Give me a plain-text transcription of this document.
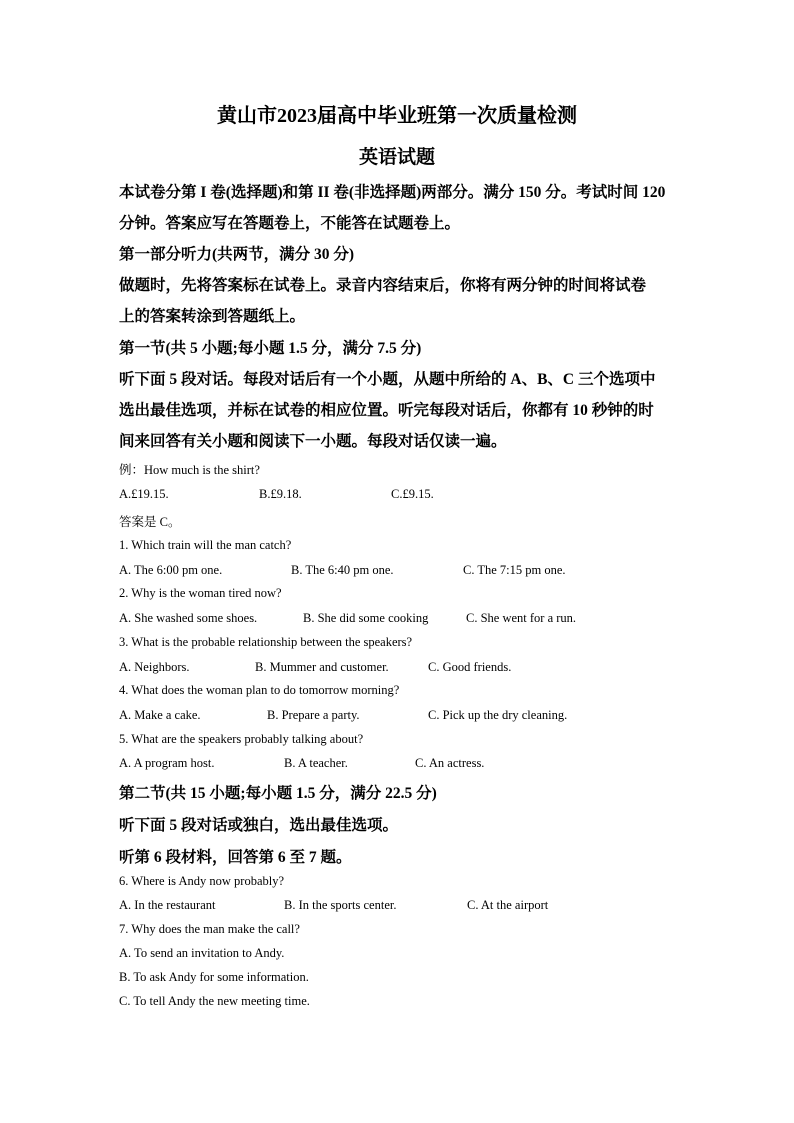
黄山市2023届高中毕业班第一次质量检测
英语试题
本试卷分第 I 卷(选择题)和第 II 卷(非选择题)两部分。满分 150 分。考试时间 120
分钟。答案应写在答题卷上，不能答在试题卷上。
第一部分听力(共两节，满分 30 分)
做题时，先将答案标在试卷上。录音内容结束后，你将有两分钟的时间将试卷
上的答案转涂到答题纸上。
第一节(共 5 小题;每小题 1.5 分，满分 7.5 分)
听下面 5 段对话。每段对话后有一个小题，从题中所给的 A、B、C 三个选项中
选出最佳选项，并标在试卷的相应位置。听完每段对话后，你都有 10 秒钟的时
间来回答有关小题和阅读下一小题。每段对话仅读一遍。
例：How much is the shirt?
A.£19.15.	B.£9.18.	C.£9.15.
答案是 C。
1. Which train will the man catch?
A. The 6:00 pm one.	B. The 6:40 pm one.	C. The 7:15 pm one.
2. Why is the woman tired now?
A. She washed some shoes.	B. She did some cooking	C. She went for a run.
3. What is the probable relationship between the speakers?
A. Neighbors.	B. Mummer and customer.	C. Good friends.
4. What does the woman plan to do tomorrow morning?
A. Make a cake.	B. Prepare a party.	C. Pick up the dry cleaning.
5. What are the speakers probably talking about?
A. A program host.	B. A teacher.	C. An actress.
第二节(共 15 小题;每小题 1.5 分，满分 22.5 分)
听下面 5 段对话或独白，选出最佳选项。
听第 6 段材料，回答第 6 至 7 题。
6. Where is Andy now probably?
A. In the restaurant	B. In the sports center.	C. At the airport
7. Why does the man make the call?
A. To send an invitation to Andy.
B. To ask Andy for some information.
C. To tell Andy the new meeting time.
